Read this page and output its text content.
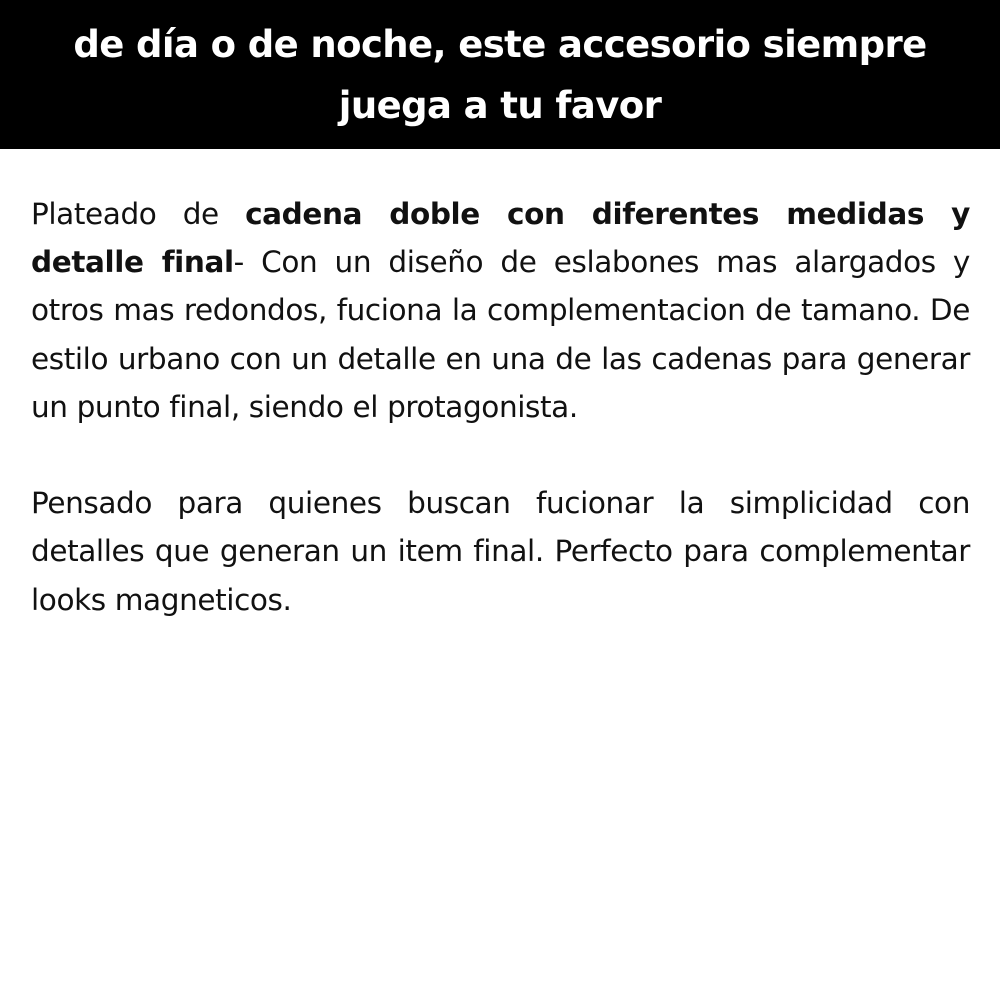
de día o de noche, este accesorio siempre juega a tu favor

Plateado de cadena doble con diferentes medidas y detalle final- Con un diseño de eslabones mas alargados y otros mas redondos, fuciona la complementacion de tamano. De estilo urbano con un detalle en una de las cadenas para generar un punto final, siendo el protagonista.

Pensado para quienes buscan fucionar la simplicidad con detalles que generan un item final. Perfecto para complementar looks magneticos.
